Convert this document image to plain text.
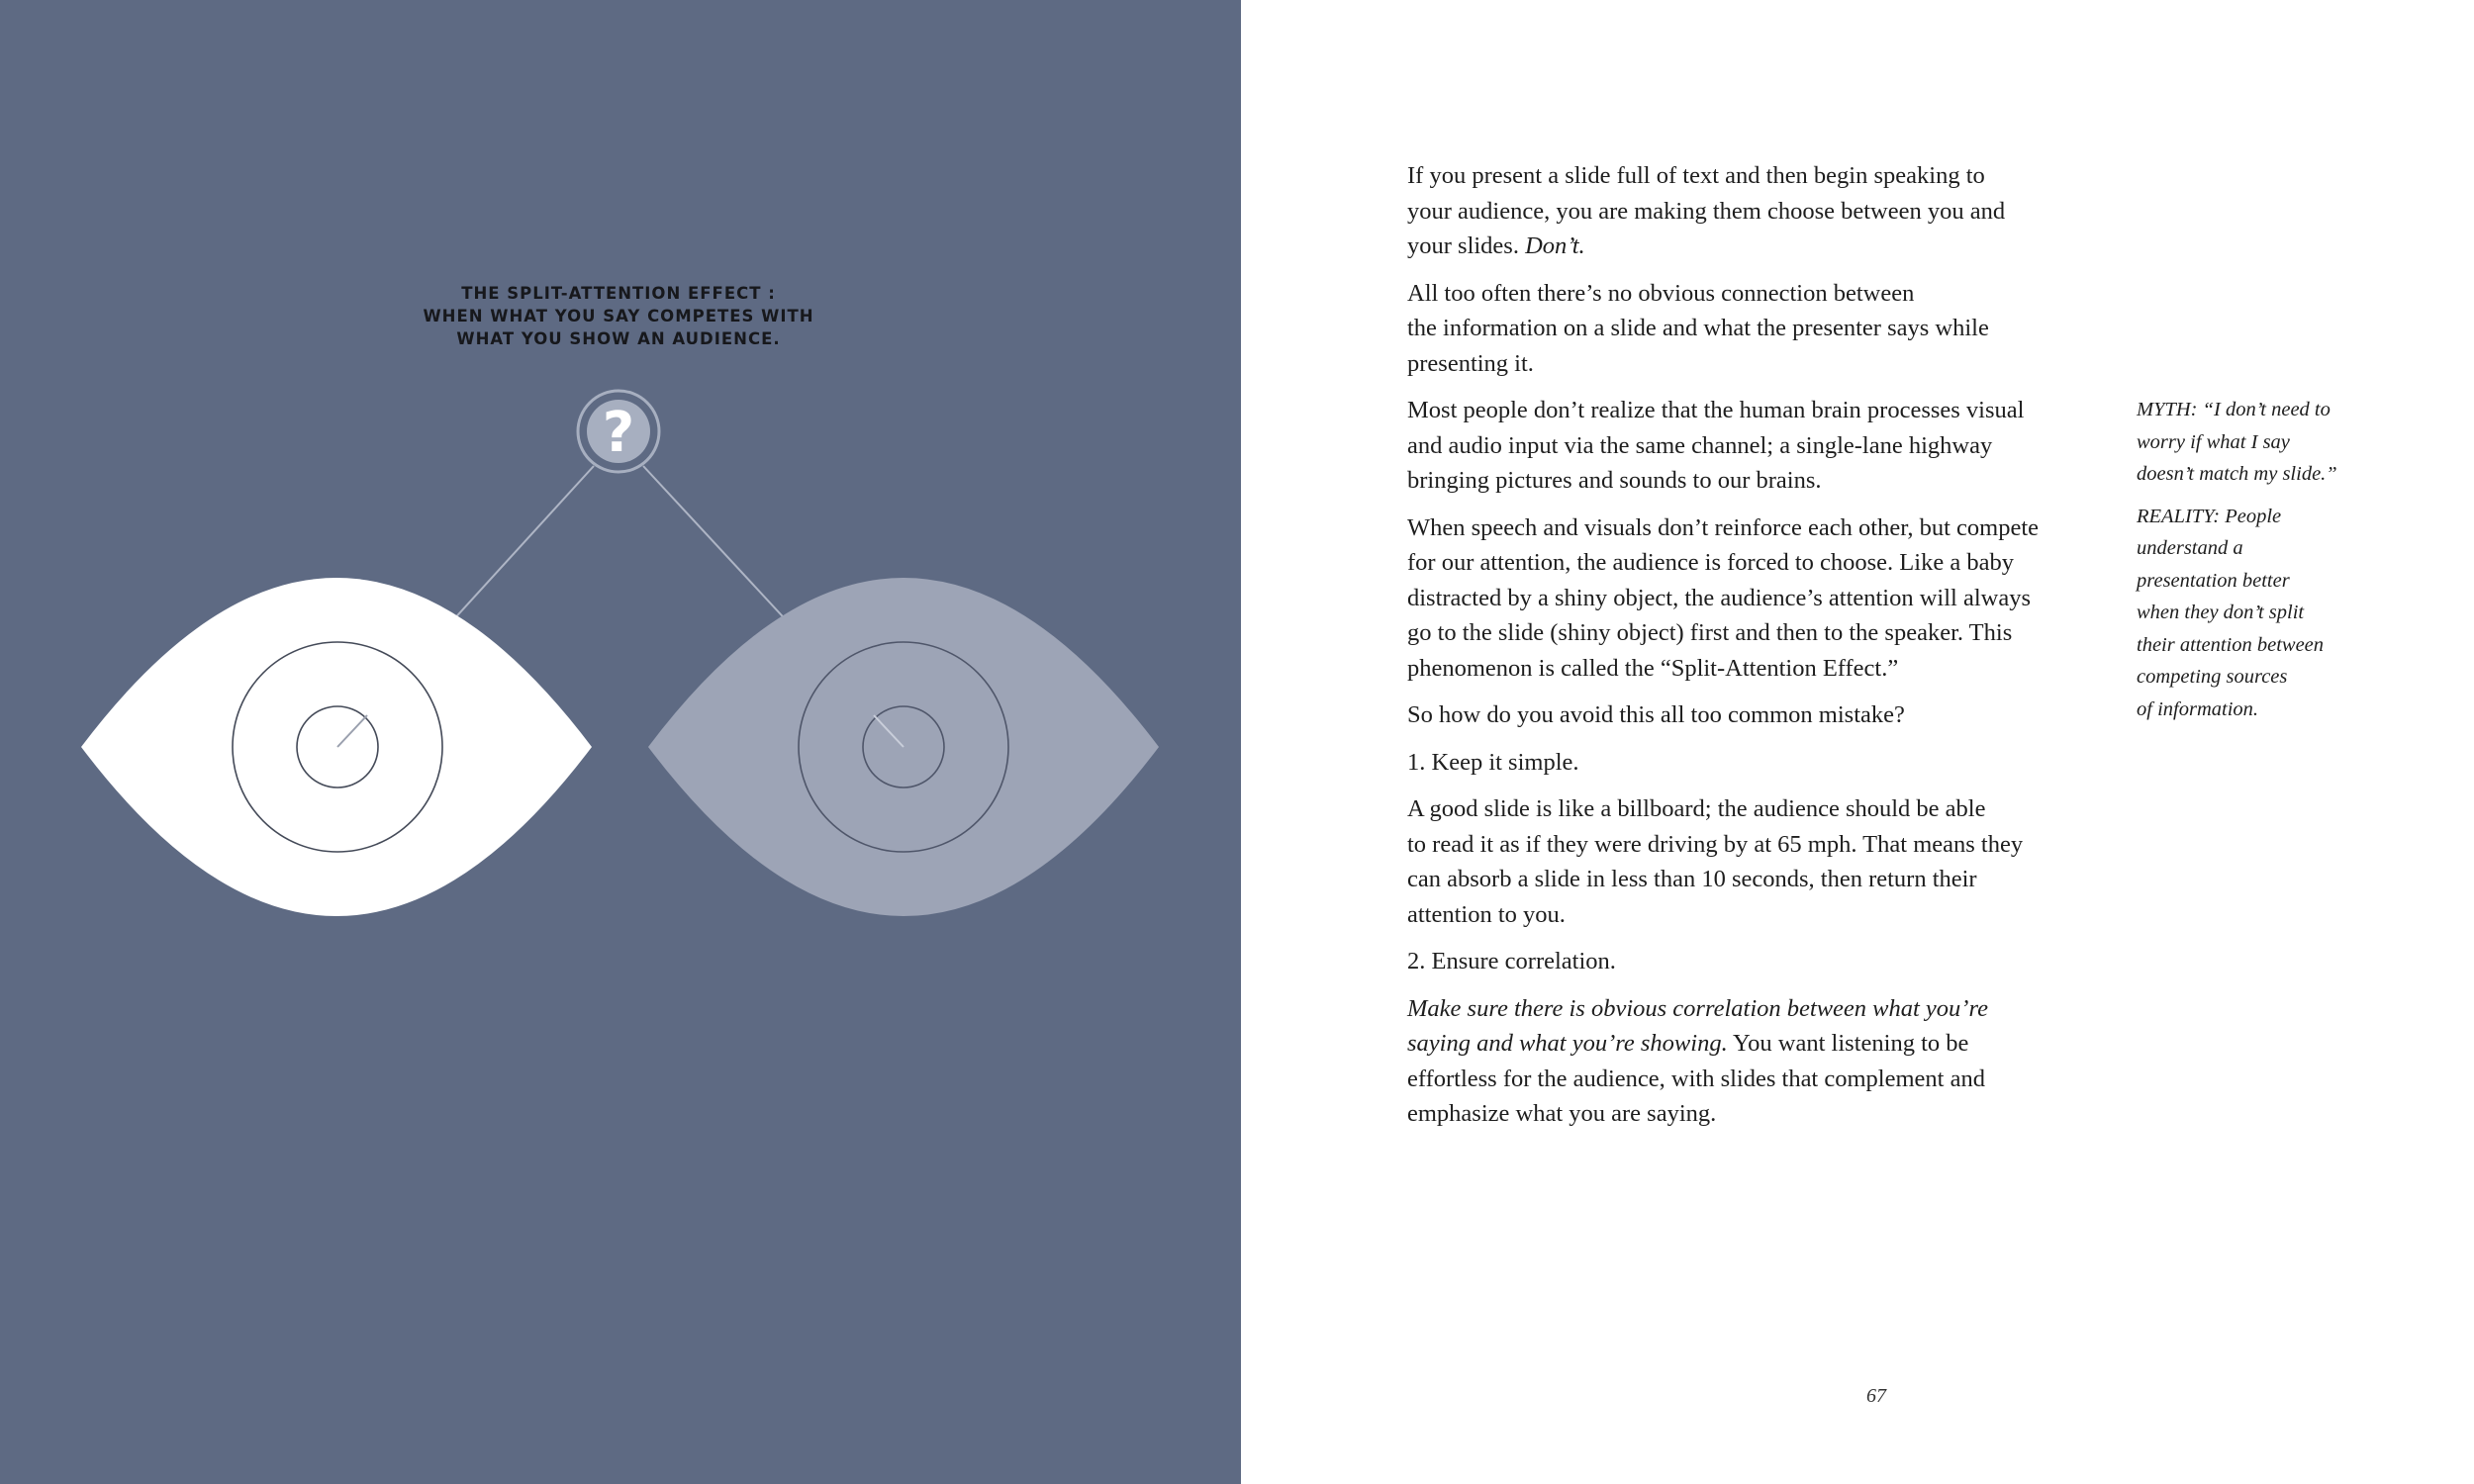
?
THE SPLIT-ATTENTION EFFECT :
WHEN WHAT YOU SAY COMPETES WITH
WHAT YOU SHOW AN AUDIENCE.

If you present a slide full of text and then begin speaking to
your audience, you are making them choose between you and
your slides. Don’t.

All too often there’s no obvious connection between
the information on a slide and what the presenter says while
presenting it.

Most people don’t realize that the human brain processes visual
and audio input via the same channel; a single-lane highway
bringing pictures and sounds to our brains.

When speech and visuals don’t reinforce each other, but compete
for our attention, the audience is forced to choose. Like a baby
distracted by a shiny object, the audience’s attention will always
go to the slide (shiny object) first and then to the speaker. This
phenomenon is called the “Split-Attention Effect.”

So how do you avoid this all too common mistake?

1. Keep it simple.

A good slide is like a billboard; the audience should be able
to read it as if they were driving by at 65 mph. That means they
can absorb a slide in less than 10 seconds, then return their
attention to you.

2. Ensure correlation.

Make sure there is obvious correlation between what you’re
saying and what you’re showing. You want listening to be
effortless for the audience, with slides that complement and
emphasize what you are saying.

MYTH: “I don’t need to
worry if what I say
doesn’t match my slide.”

REALITY: People
understand a
presentation better
when they don’t split
their attention between
competing sources
of information.

67
